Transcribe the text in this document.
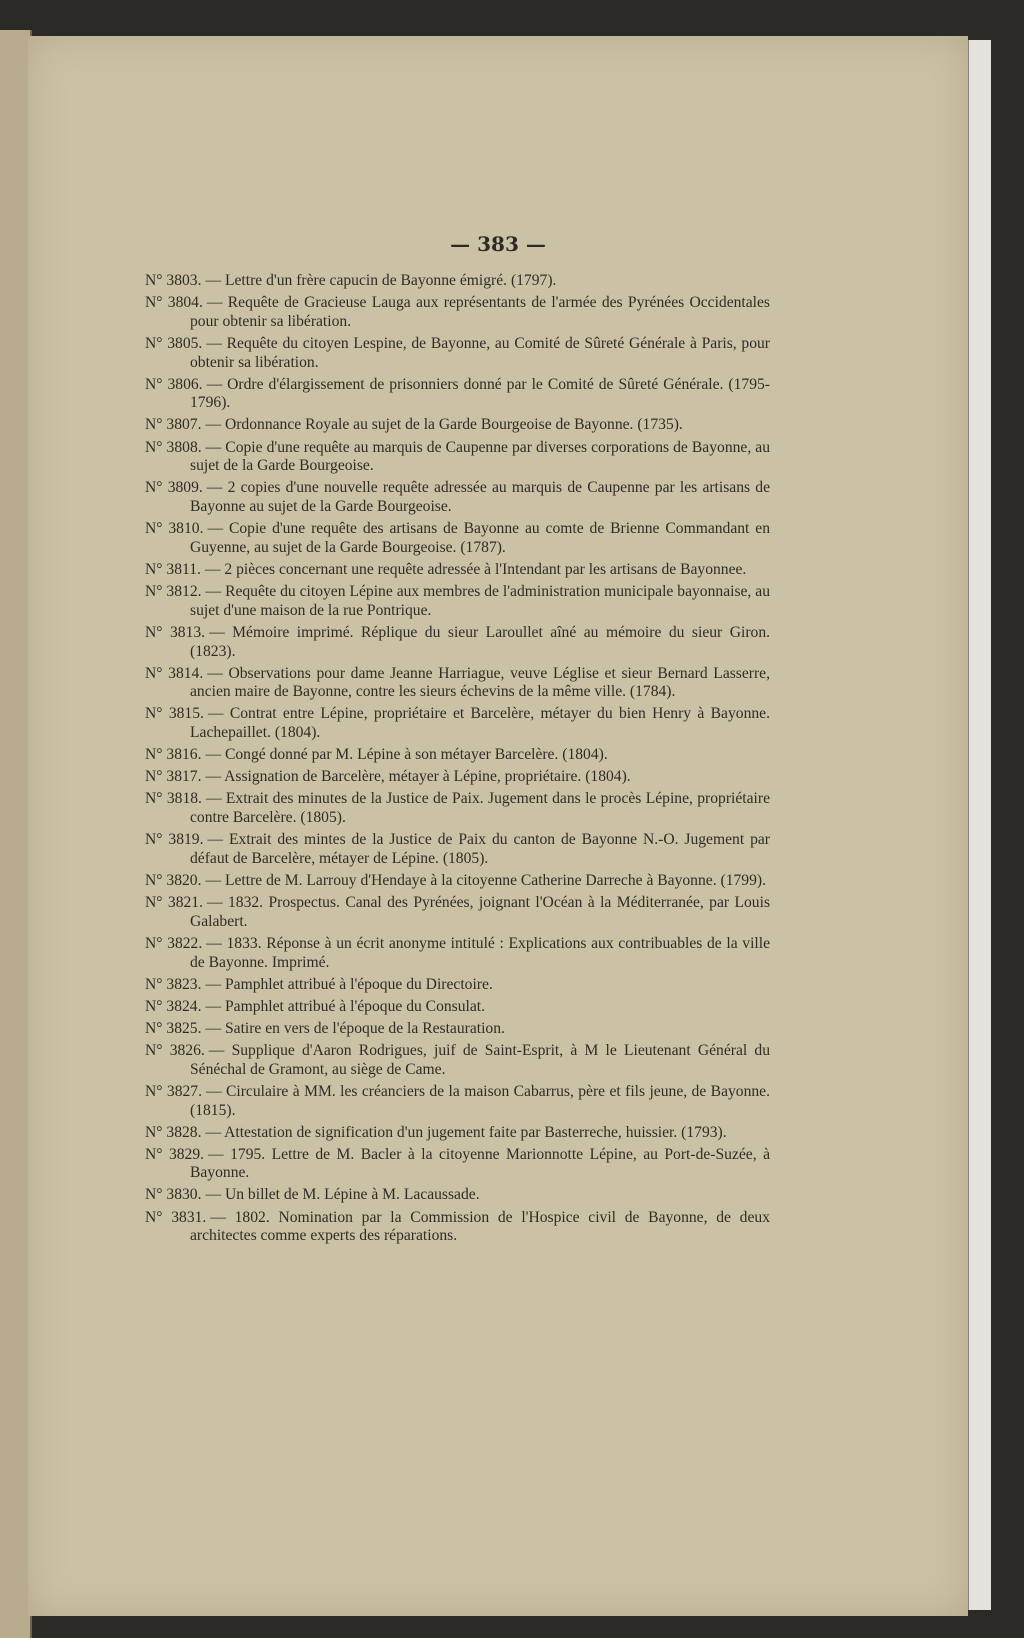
— 383 —
N° 3803. — Lettre d'un frère capucin de Bayonne émigré. (1797).
N° 3804. — Requête de Gracieuse Lauga aux représentants de l'armée des Pyrénées Occidentales pour obtenir sa libération.
N° 3805. — Requête du citoyen Lespine, de Bayonne, au Comité de Sûreté Générale à Paris, pour obtenir sa libération.
N° 3806. — Ordre d'élargissement de prisonniers donné par le Comité de Sûreté Générale. (1795-1796).
N° 3807. — Ordonnance Royale au sujet de la Garde Bourgeoise de Bayonne. (1735).
N° 3808. — Copie d'une requête au marquis de Caupenne par diverses corporations de Bayonne, au sujet de la Garde Bourgeoise.
N° 3809. — 2 copies d'une nouvelle requête adressée au marquis de Caupenne par les artisans de Bayonne au sujet de la Garde Bourgeoise.
N° 3810. — Copie d'une requête des artisans de Bayonne au comte de Brienne Commandant en Guyenne, au sujet de la Garde Bourgeoise. (1787).
N° 3811. — 2 pièces concernant une requête adressée à l'Intendant par les artisans de Bayonnee.
N° 3812. — Requête du citoyen Lépine aux membres de l'administration municipale bayonnaise, au sujet d'une maison de la rue Pontrique.
N° 3813. — Mémoire imprimé. Réplique du sieur Laroullet aîné au mémoire du sieur Giron. (1823).
N° 3814. — Observations pour dame Jeanne Harriague, veuve Léglise et sieur Bernard Lasserre, ancien maire de Bayonne, contre les sieurs échevins de la même ville. (1784).
N° 3815. — Contrat entre Lépine, propriétaire et Barcelère, métayer du bien Henry à Bayonne. Lachepaillet. (1804).
N° 3816. — Congé donné par M. Lépine à son métayer Barcelère. (1804).
N° 3817. — Assignation de Barcelère, métayer à Lépine, propriétaire. (1804).
N° 3818. — Extrait des minutes de la Justice de Paix. Jugement dans le procès Lépine, propriétaire contre Barcelère. (1805).
N° 3819. — Extrait des mintes de la Justice de Paix du canton de Bayonne N.-O. Jugement par défaut de Barcelère, métayer de Lépine. (1805).
N° 3820. — Lettre de M. Larrouy d'Hendaye à la citoyenne Catherine Darreche à Bayonne. (1799).
N° 3821. — 1832. Prospectus. Canal des Pyrénées, joignant l'Océan à la Méditerranée, par Louis Galabert.
N° 3822. — 1833. Réponse à un écrit anonyme intitulé : Explications aux contribuables de la ville de Bayonne. Imprimé.
N° 3823. — Pamphlet attribué à l'époque du Directoire.
N° 3824. — Pamphlet attribué à l'époque du Consulat.
N° 3825. — Satire en vers de l'époque de la Restauration.
N° 3826. — Supplique d'Aaron Rodrigues, juif de Saint-Esprit, à M le Lieutenant Général du Sénéchal de Gramont, au siège de Came.
N° 3827. — Circulaire à MM. les créanciers de la maison Cabarrus, père et fils jeune, de Bayonne. (1815).
N° 3828. — Attestation de signification d'un jugement faite par Basterreche, huissier. (1793).
N° 3829. — 1795. Lettre de M. Bacler à la citoyenne Marionnotte Lépine, au Port-de-Suzée, à Bayonne.
N° 3830. — Un billet de M. Lépine à M. Lacaussade.
N° 3831. — 1802. Nomination par la Commission de l'Hospice civil de Bayonne, de deux architectes comme experts des réparations.
